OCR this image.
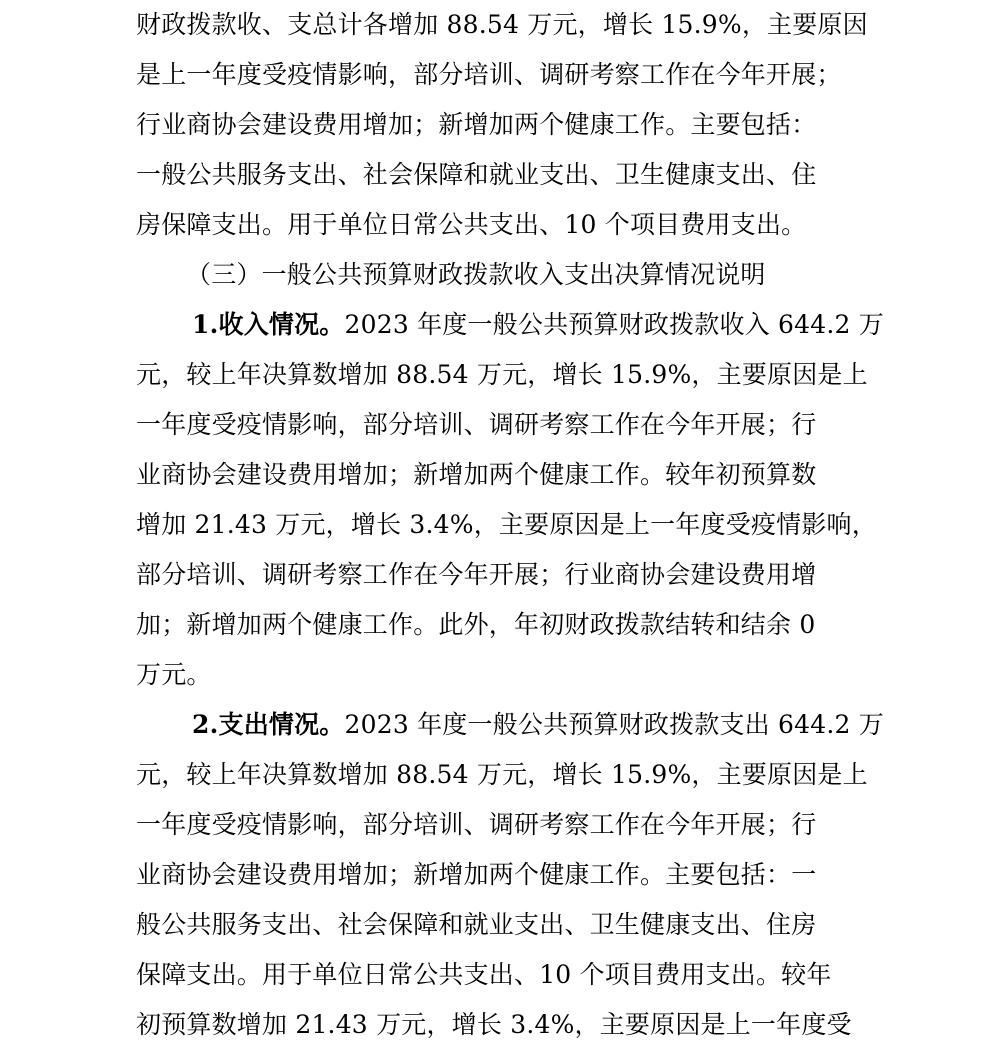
财政拨款收、支总计各增加 88.54 万元，增长 15.9%，主要原因
是上一年度受疫情影响，部分培训、调研考察工作在今年开展；
行业商协会建设费用增加；新增加两个健康工作。主要包括：
一般公共服务支出、社会保障和就业支出、卫生健康支出、住
房保障支出。用于单位日常公共支出、10 个项目费用支出。
（三）一般公共预算财政拨款收入支出决算情况说明
1.收入情况。2023 年度一般公共预算财政拨款收入 644.2 万
元，较上年决算数增加 88.54 万元，增长 15.9%，主要原因是上
一年度受疫情影响，部分培训、调研考察工作在今年开展；行
业商协会建设费用增加；新增加两个健康工作。较年初预算数
增加 21.43 万元，增长 3.4%，主要原因是上一年度受疫情影响，
部分培训、调研考察工作在今年开展；行业商协会建设费用增
加；新增加两个健康工作。此外，年初财政拨款结转和结余 0
万元。
2.支出情况。2023 年度一般公共预算财政拨款支出 644.2 万
元，较上年决算数增加 88.54 万元，增长 15.9%，主要原因是上
一年度受疫情影响，部分培训、调研考察工作在今年开展；行
业商协会建设费用增加；新增加两个健康工作。主要包括：一
般公共服务支出、社会保障和就业支出、卫生健康支出、住房
保障支出。用于单位日常公共支出、10 个项目费用支出。较年
初预算数增加 21.43 万元，增长 3.4%，主要原因是上一年度受
